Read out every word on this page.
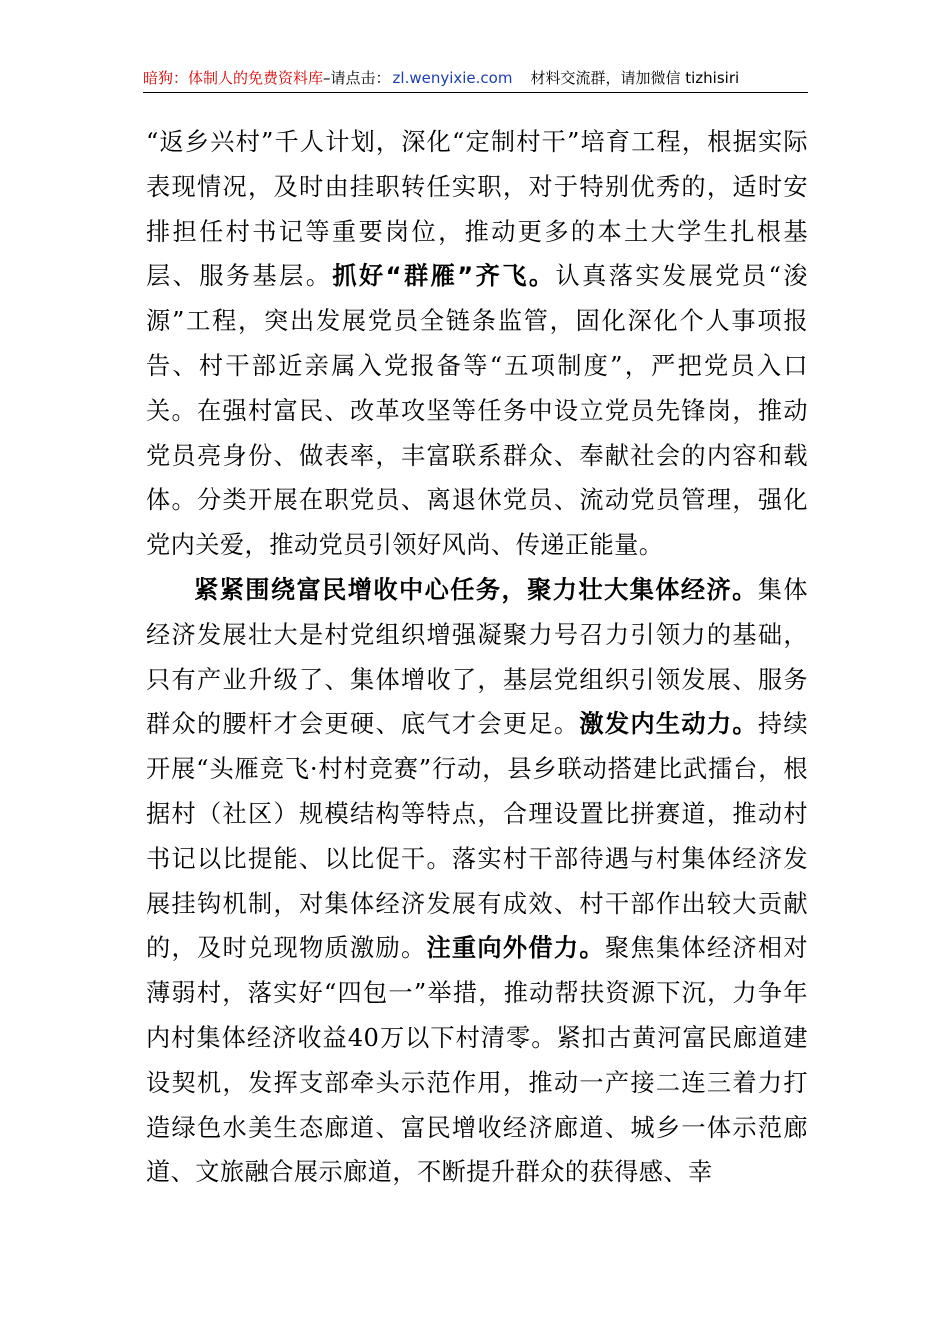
暗狗：体制人的免费资料库 –请点击： zl.wenyixie.com 材料交流群，请加微信 tizhisiri

“返乡兴村”千人计划，深化“定制村干”培育工程，根据实际表现情况，及时由挂职转任实职，对于特别优秀的，适时安排担任村书记等重要岗位，推动更多的本土大学生扎根基层、服务基层。抓好“群雁”齐飞。认真落实发展党员“浚源”工程，突出发展党员全链条监管，固化深化个人事项报告、村干部近亲属入党报备等“五项制度”，严把党员入口关。在强村富民、改革攻坚等任务中设立党员先锋岗，推动党员亮身份、做表率，丰富联系群众、奉献社会的内容和载体。分类开展在职党员、离退休党员、流动党员管理，强化党内关爱，推动党员引领好风尚、传递正能量。

紧紧围绕富民增收中心任务，聚力壮大集体经济。集体经济发展壮大是村党组织增强凝聚力号召力引领力的基础，只有产业升级了、集体增收了，基层党组织引领发展、服务群众的腰杆才会更硬、底气才会更足。激发内生动力。持续开展“头雁竞飞·村村竞赛”行动，县乡联动搭建比武擂台，根据村（社区）规模结构等特点，合理设置比拼赛道，推动村书记以比提能、以比促干。落实村干部待遇与村集体经济发展挂钩机制，对集体经济发展有成效、村干部作出较大贡献的，及时兑现物质激励。注重向外借力。聚焦集体经济相对薄弱村，落实好“四包一”举措，推动帮扶资源下沉，力争年内村集体经济收益40万以下村清零。紧扣古黄河富民廊道建设契机，发挥支部牵头示范作用，推动一产接二连三着力打造绿色水美生态廊道、富民增收经济廊道、城乡一体示范廊道、文旅融合展示廊道，不断提升群众的获得感、幸
